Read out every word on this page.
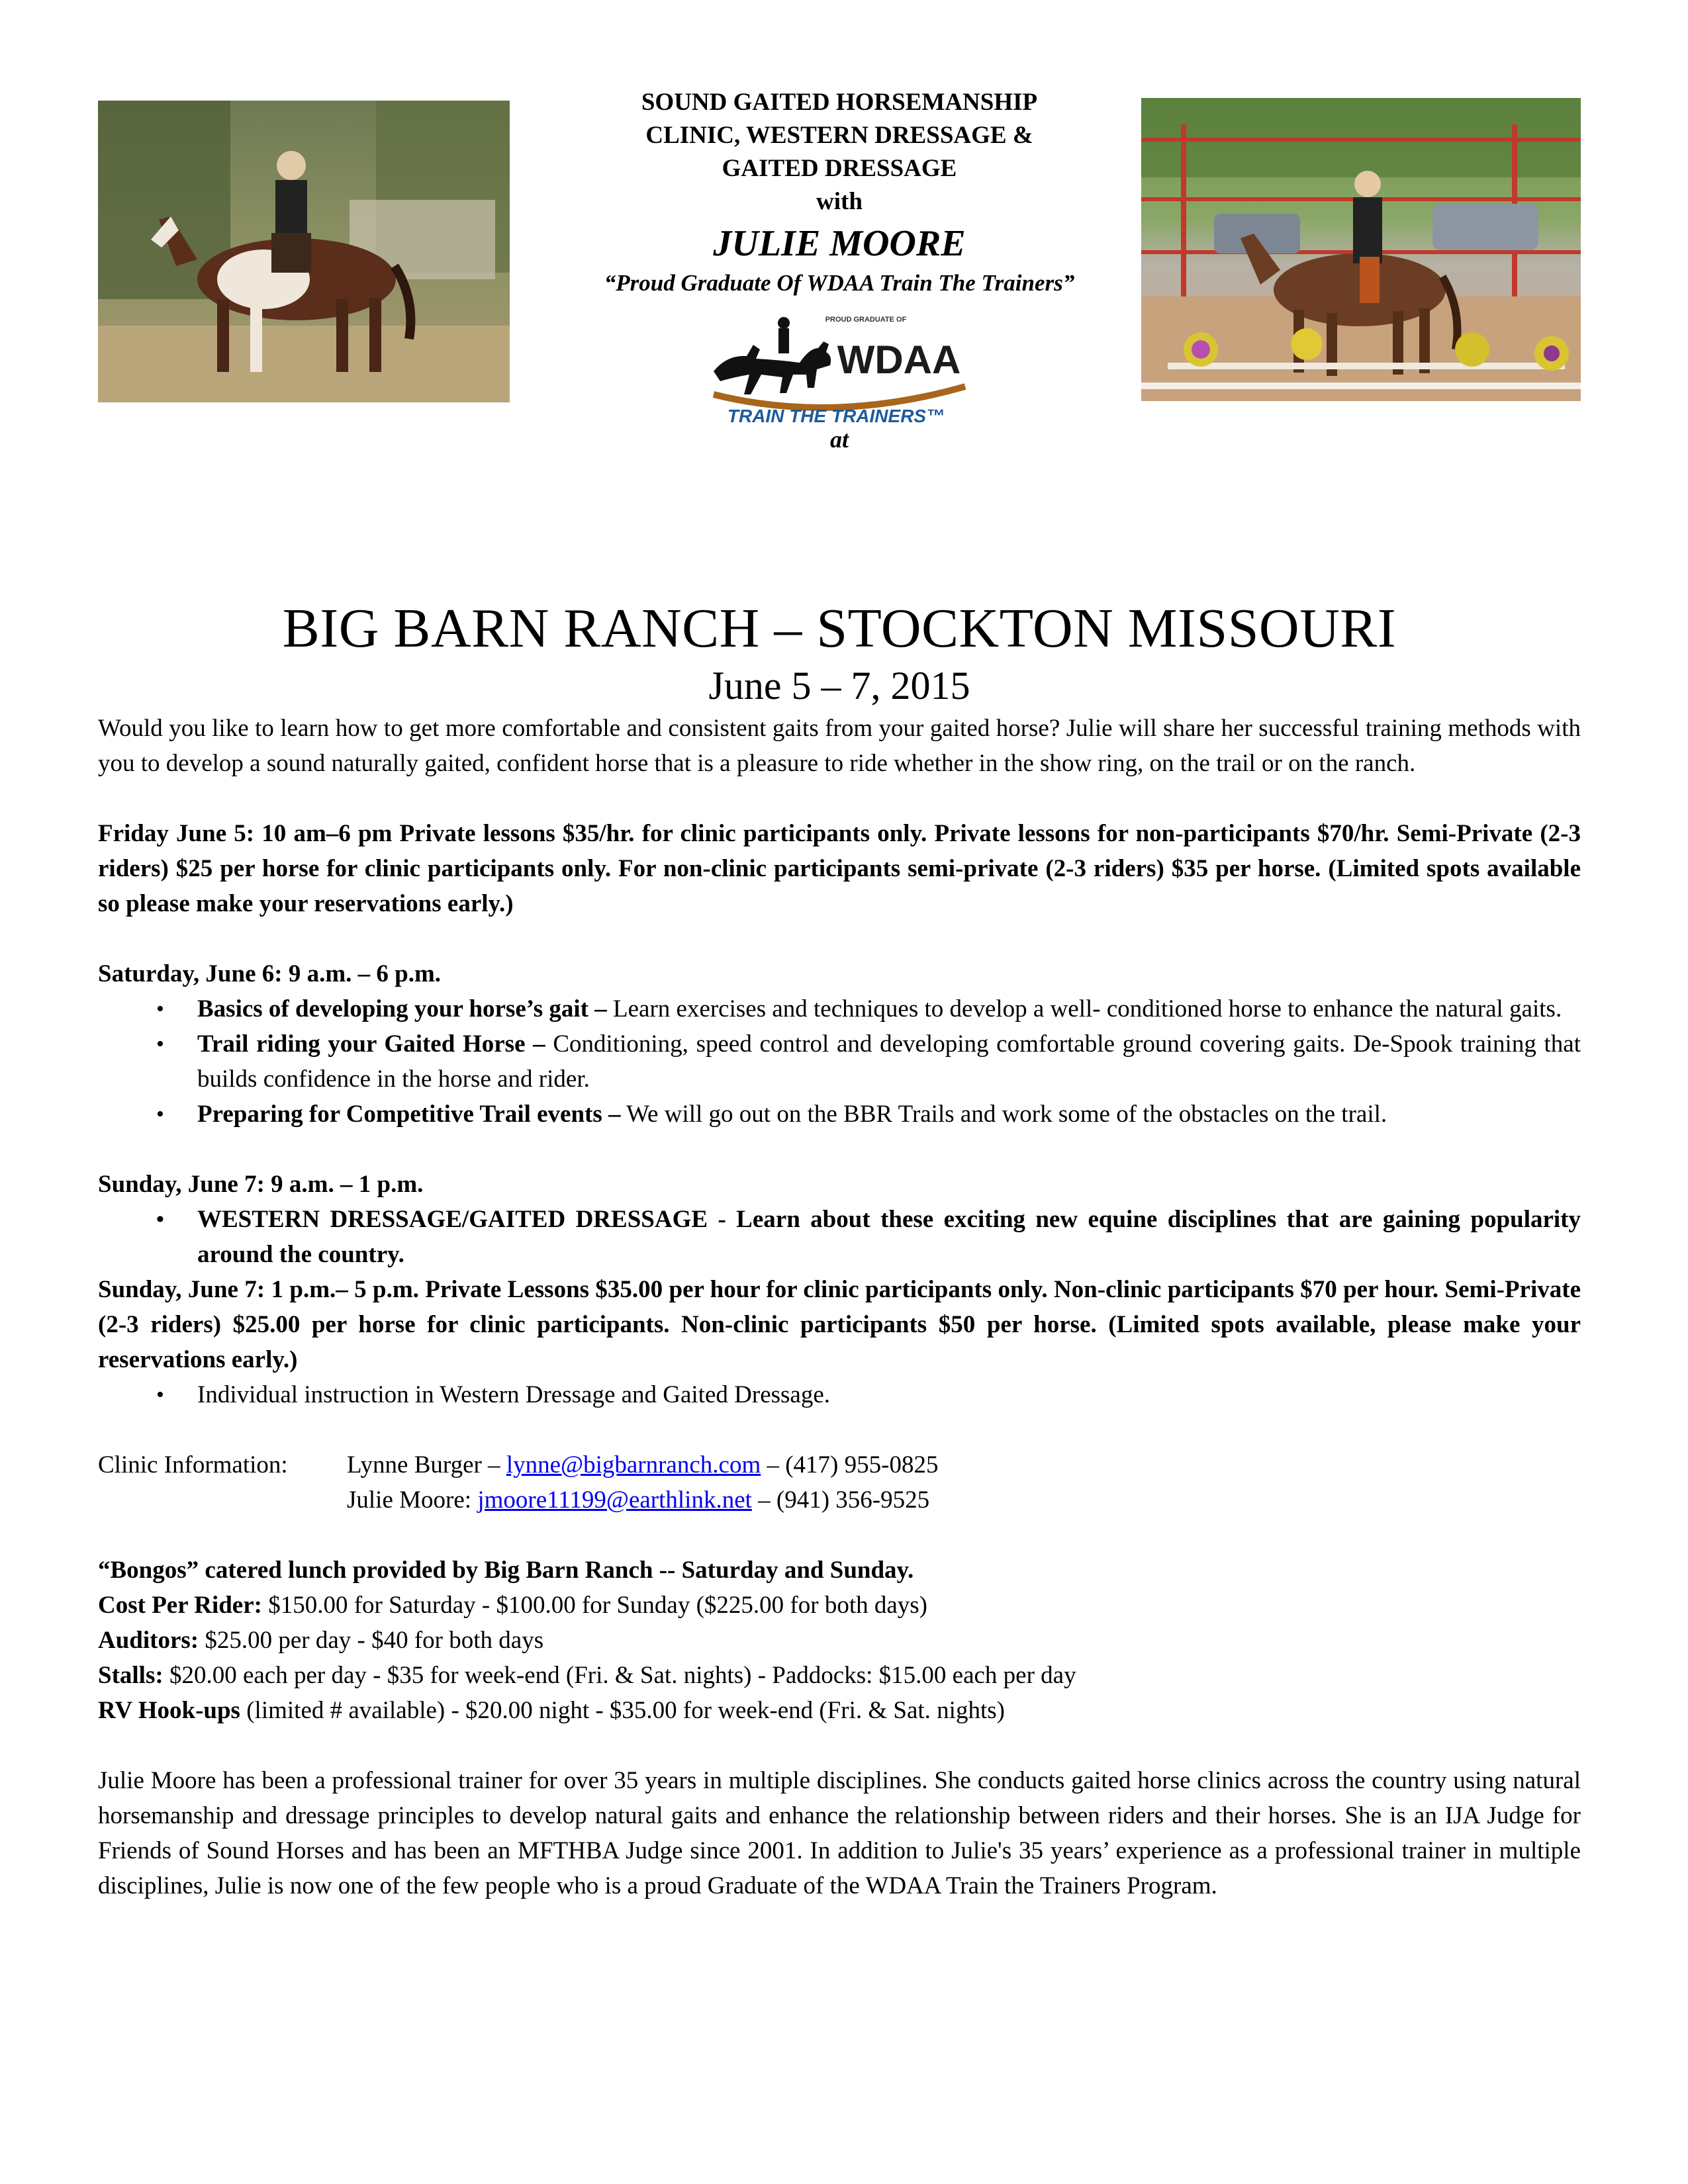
SOUND GAITED HORSEMANSHIP
CLINIC, WESTERN DRESSAGE &
GAITED DRESSAGE
with
JULIE MOORE
“Proud Graduate Of WDAA Train The Trainers”
PROUD GRADUATE OF
WDAA
TRAIN THE TRAINERS™
at
BIG BARN RANCH – STOCKTON MISSOURI
June 5 – 7, 2015

Would you like to learn how to get more comfortable and consistent gaits from your gaited horse? Julie will share her successful training methods with you to develop a sound naturally gaited, confident horse that is a pleasure to ride whether in the show ring, on the trail or on the ranch.

Friday June 5: 10 am–6 pm Private lessons $35/hr. for clinic participants only. Private lessons for non-participants $70/hr. Semi-Private (2-3 riders) $25 per horse for clinic participants only. For non-clinic participants semi-private (2-3 riders) $35 per horse. (Limited spots available so please make your reservations early.)

Saturday, June 6: 9 a.m. – 6 p.m.

• Basics of developing your horse’s gait – Learn exercises and techniques to develop a well- conditioned horse to enhance the natural gaits.
• Trail riding your Gaited Horse – Conditioning, speed control and developing comfortable ground covering gaits. De-Spook training that builds confidence in the horse and rider.
• Preparing for Competitive Trail events – We will go out on the BBR Trails and work some of the obstacles on the trail.

Sunday, June 7: 9 a.m. – 1 p.m.

• WESTERN DRESSAGE/GAITED DRESSAGE - Learn about these exciting new equine disciplines that are gaining popularity around the country.

Sunday, June 7: 1 p.m.– 5 p.m. Private Lessons $35.00 per hour for clinic participants only. Non-clinic participants $70 per hour. Semi-Private (2-3 riders) $25.00 per horse for clinic participants. Non-clinic participants $50 per horse. (Limited spots available, please make your reservations early.)

• Individual instruction in Western Dressage and Gaited Dressage.
Clinic Information:	Lynne Burger – lynne@bigbarnranch.com – (417) 955-0825
Julie Moore: jmoore11199@earthlink.net – (941) 356-9525

“Bongos” catered lunch provided by Big Barn Ranch -- Saturday and Sunday.

Cost Per Rider: $150.00 for Saturday - $100.00 for Sunday ($225.00 for both days)

Auditors: $25.00 per day - $40 for both days

Stalls: $20.00 each per day - $35 for week-end (Fri. & Sat. nights) - Paddocks: $15.00 each per day

RV Hook-ups (limited # available) - $20.00 night - $35.00 for week-end (Fri. & Sat. nights)

Julie Moore has been a professional trainer for over 35 years in multiple disciplines. She conducts gaited horse clinics across the country using natural horsemanship and dressage principles to develop natural gaits and enhance the relationship between riders and their horses. She is an IJA Judge for Friends of Sound Horses and has been an MFTHBA Judge since 2001. In addition to Julie's 35 years’ experience as a professional trainer in multiple disciplines, Julie is now one of the few people who is a proud Graduate of the WDAA Train the Trainers Program.
